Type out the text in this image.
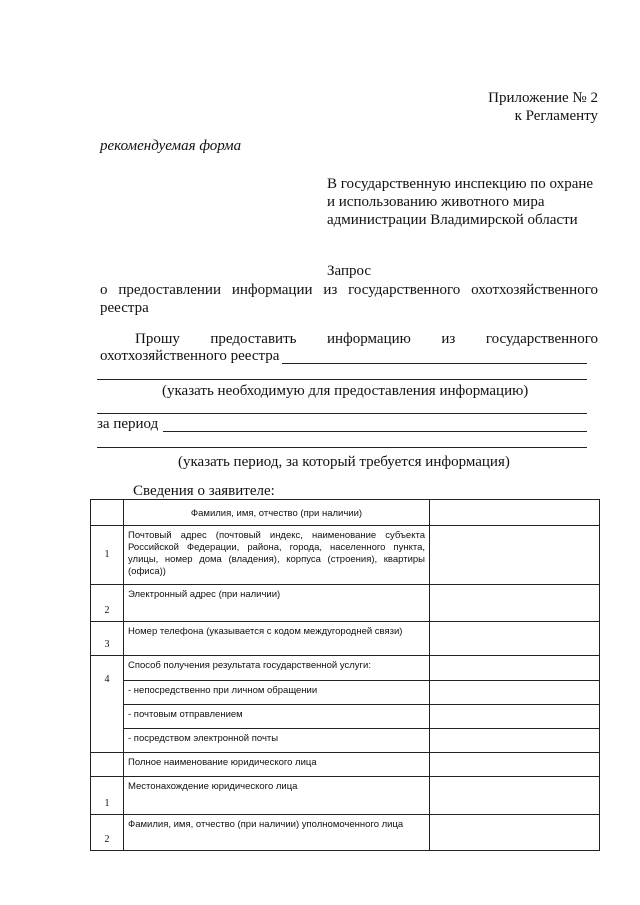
Приложение № 2
к Регламенту
рекомендуемая форма
В государственную инспекцию по охране
и использованию животного мира
администрации Владимирской области
Запрос
о предоставлении информации из государственного охотхозяйственного
реестра
Прошу предоставить информацию из государственного
охотхозяйственного реестра
(указать необходимую для предоставления информацию)
за период
(указать период, за который требуется информация)
Сведения о заявителе:
	Фамилия, имя, отчество (при наличии)	
1	Почтовый адрес (почтовый индекс, наименование субъекта Российской Федерации, района, города, населенного пункта, улицы, номер дома (владения), корпуса (строения), квартиры (офиса))	
2	Электронный адрес (при наличии)	
3	Номер телефона (указывается с кодом междугородней связи)	
4	Способ получения результата государственной услуги:	
	- непосредственно при личном обращении	
	- почтовым отправлением	
	- посредством электронной почты	
	Полное наименование юридического лица	
1	Местонахождение юридического лица	
2	Фамилия, имя, отчество (при наличии) уполномоченного лица	
